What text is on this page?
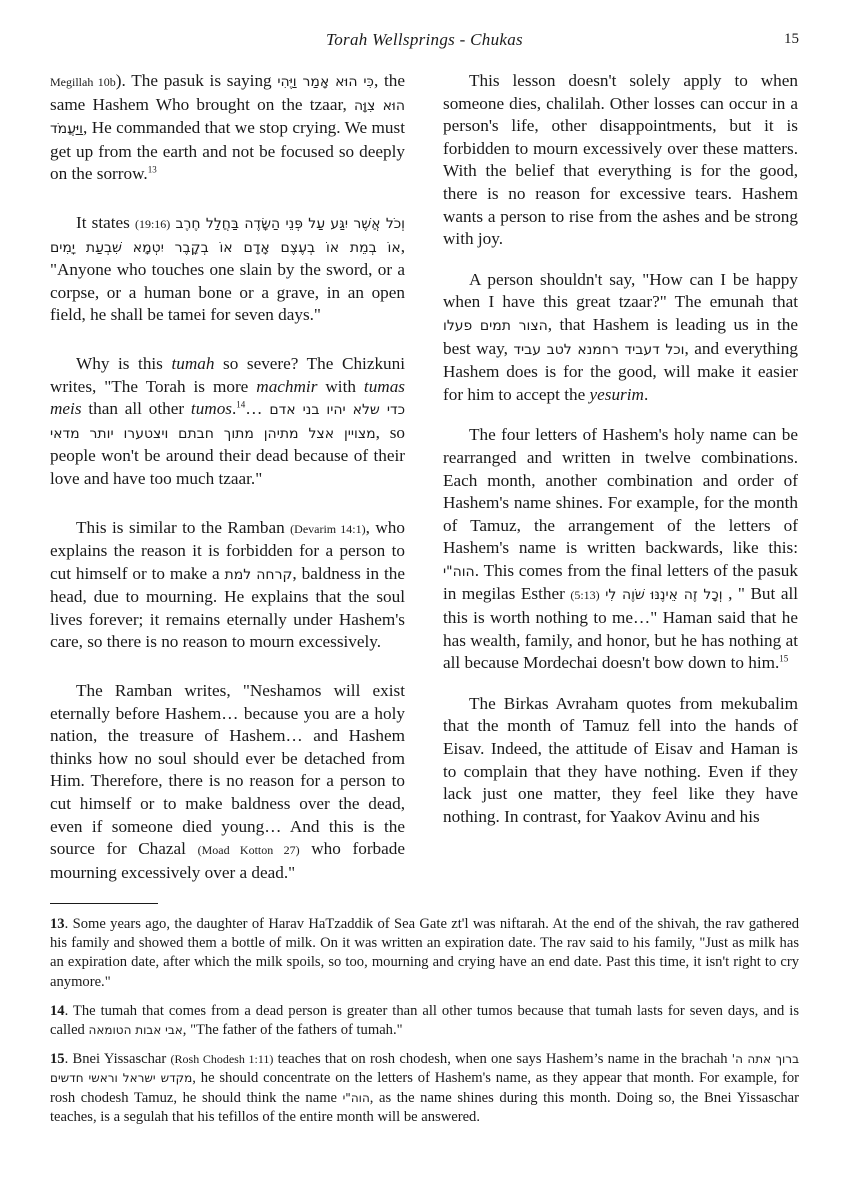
Torah Wellsprings - Chukas	15

Megillah 10b). The pasuk is saying כִּי הוּא אָמַר וַיֶּהִי, the same Hashem Who brought on the tzaar, הוּא צִוָּה וַיַּעֲמֹד, He commanded that we stop crying. We must get up from the earth and not be focused so deeply on the sorrow.$^{13}$

It states (19:16) וְכֹל אֲשֶׁר יִגַּע עַל פְּנֵי הַשָּׂדֶה בַּחֲלַל חֶרֶב אוֹ בְמֵת אוֹ בְעֶצֶם אָדָם אוֹ בְקָבֶר יִטְמָא שִׁבְעַת יָמִים, "Anyone who touches one slain by the sword, or a corpse, or a human bone or a grave, in an open field, he shall be tamei for seven days."

Why is this tumah so severe? The Chizkuni writes, "The Torah is more machmir with tumas meis than all other tumos.$^{14}$… כדי שלא יהיו בני אדם מצויין אצל מתיהן מתוך חבתם ויצטערו יותר מדאי, so people won't be around their dead because of their love and have too much tzaar."

This is similar to the Ramban (Devarim 14:1), who explains the reason it is forbidden for a person to cut himself or to make a קרחה למת, baldness in the head, due to mourning. He explains that the soul lives forever; it remains eternally under Hashem's care, so there is no reason to mourn excessively.

The Ramban writes, "Neshamos will exist eternally before Hashem… because you are a holy nation, the treasure of Hashem… and Hashem thinks how no soul should ever be detached from Him. Therefore, there is no reason for a person to cut himself or to make baldness over the dead, even if someone died young… And this is the source for Chazal (Moad Kotton 27) who forbade mourning excessively over a dead."

This lesson doesn't solely apply to when someone dies, chalilah. Other losses can occur in a person's life, other disappointments, but it is forbidden to mourn excessively over these matters. With the belief that everything is for the good, there is no reason for excessive tears. Hashem wants a person to rise from the ashes and be strong with joy.

A person shouldn't say, "How can I be happy when I have this great tzaar?" The emunah that הצור תמים פעלו, that Hashem is leading us in the best way, וכל דעביד רחמנא לטב עביד, and everything Hashem does is for the good, will make it easier for him to accept the yesurim.

The four letters of Hashem's holy name can be rearranged and written in twelve combinations. Each month, another combination and order of Hashem's name shines. For example, for the month of Tamuz, the arrangement of the letters of Hashem's name is written backwards, like this: הוה"י. This comes from the final letters of the pasuk in megilas Esther (5:13) וְכָל זֶה אֵינֶנּוּ שֹׁוֶה לִי , " But all this is worth nothing to me…" Haman said that he has wealth, family, and honor, but he has nothing at all because Mordechai doesn't bow down to him.$^{15}$

The Birkas Avraham quotes from mekubalim that the month of Tamuz fell into the hands of Eisav. Indeed, the attitude of Eisav and Haman is to complain that they have nothing. Even if they lack just one matter, they feel like they have nothing. In contrast, for Yaakov Avinu and his

13. Some years ago, the daughter of Harav HaTzaddik of Sea Gate zt'l was niftarah. At the end of the shivah, the rav gathered his family and showed them a bottle of milk. On it was written an expiration date. The rav said to his family, "Just as milk has an expiration date, after which the milk spoils, so too, mourning and crying have an end date. Past this time, it isn't right to cry anymore."

14. The tumah that comes from a dead person is greater than all other tumos because that tumah lasts for seven days, and is called אבי אבות הטומאה, "The father of the fathers of tumah."

15. Bnei Yissaschar (Rosh Chodesh 1:11) teaches that on rosh chodesh, when one says Hashem’s name in the brachah ברוך אתה ה' מקדש ישראל וראשי חדשים, he should concentrate on the letters of Hashem's name, as they appear that month. For example, for rosh chodesh Tamuz, he should think the name הוה"י, as the name shines during this month. Doing so, the Bnei Yissaschar teaches, is a segulah that his tefillos of the entire month will be answered.
